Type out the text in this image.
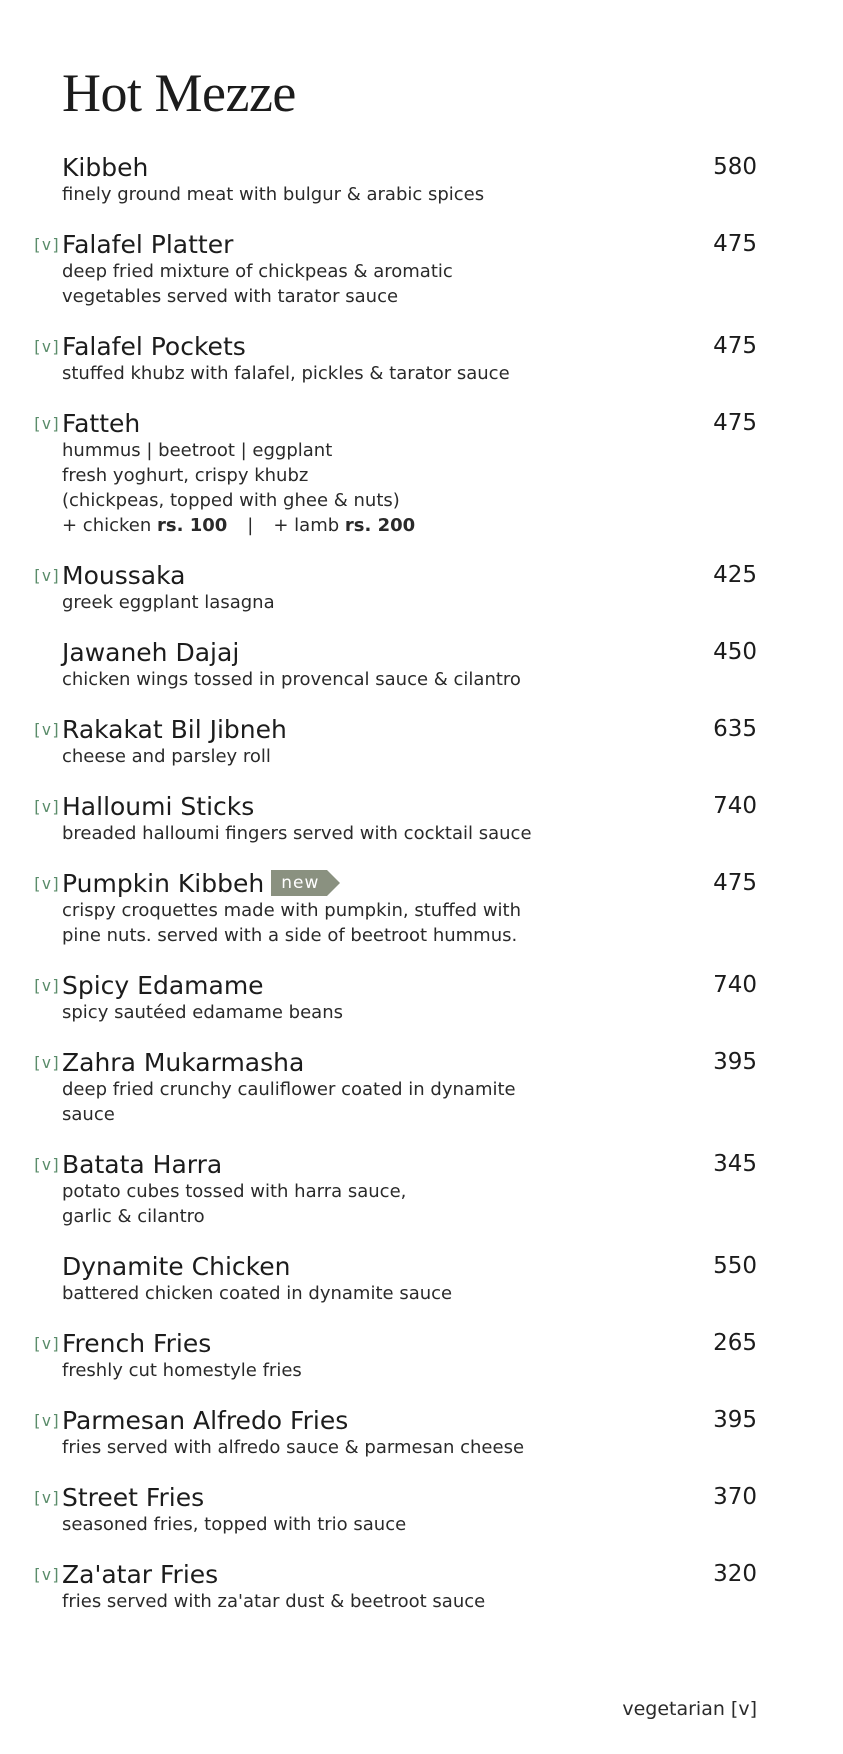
Hot Mezze
Kibbeh	580
finely ground meat with bulgur & arabic spices
[v] Falafel Platter	475
deep fried mixture of chickpeas & aromatic
vegetables served with tarator sauce
[v] Falafel Pockets	475
stuffed khubz with falafel, pickles & tarator sauce
[v] Fatteh	475
hummus | beetroot | eggplant
fresh yoghurt, crispy khubz
(chickpeas, topped with ghee & nuts)
+ chicken rs. 100 | + lamb rs. 200
[v] Moussaka	425
greek eggplant lasagna
Jawaneh Dajaj	450
chicken wings tossed in provencal sauce & cilantro
[v] Rakakat Bil Jibneh	635
cheese and parsley roll
[v] Halloumi Sticks	740
breaded halloumi fingers served with cocktail sauce
[v] Pumpkin Kibbeh	new	475
crispy croquettes made with pumpkin, stuffed with
pine nuts. served with a side of beetroot hummus.
[v] Spicy Edamame	740
spicy sautéed edamame beans
[v] Zahra Mukarmasha	395
deep fried crunchy cauliflower coated in dynamite
sauce
[v] Batata Harra	345
potato cubes tossed with harra sauce,
garlic & cilantro
Dynamite Chicken	550
battered chicken coated in dynamite sauce
[v] French Fries	265
freshly cut homestyle fries
[v] Parmesan Alfredo Fries	395
fries served with alfredo sauce & parmesan cheese
[v] Street Fries	370
seasoned fries, topped with trio sauce
[v] Za'atar Fries	320
fries served with za'atar dust & beetroot sauce
vegetarian [v]
